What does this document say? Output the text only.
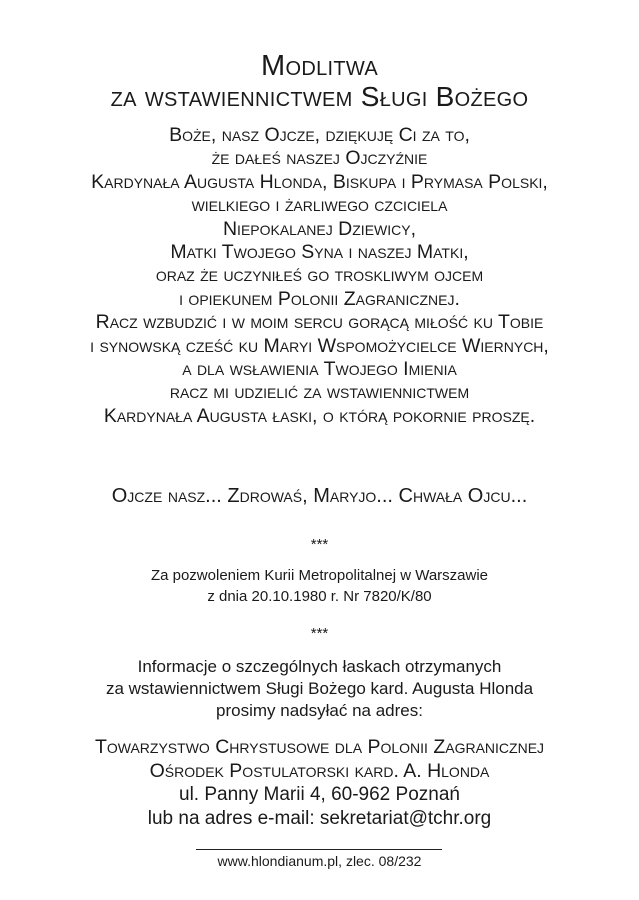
Modlitwa
za wstawiennictwem Sługi Bożego
Boże, nasz Ojcze, dziękuję Ci za to,
że dałeś naszej Ojczyźnie
Kardynała Augusta Hlonda, Biskupa i Prymasa Polski,
wielkiego i żarliwego czciciela
Niepokalanej Dziewicy,
Matki Twojego Syna i naszej Matki,
oraz że uczyniłeś go troskliwym ojcem
i opiekunem Polonii Zagranicznej.
Racz wzbudzić i w moim sercu gorącą miłość ku Tobie
i synowską cześć ku Maryi Wspomożycielce Wiernych,
a dla wsławienia Twojego Imienia
racz mi udzielić za wstawiennictwem
Kardynała Augusta łaski, o którą pokornie proszę.
Ojcze nasz... Zdrowaś, Maryjo... Chwała Ojcu...
***
Za pozwoleniem Kurii Metropolitalnej w Warszawie
z dnia 20.10.1980 r. Nr 7820/K/80
***
Informacje o szczególnych łaskach otrzymanych
za wstawiennictwem Sługi Bożego kard. Augusta Hlonda
prosimy nadsyłać na adres:
Towarzystwo Chrystusowe dla Polonii Zagranicznej
Ośrodek Postulatorski kard. A. Hlonda
ul. Panny Marii 4, 60-962 Poznań
lub na adres e-mail: sekretariat@tchr.org
www.hlondianum.pl, zlec. 08/232
